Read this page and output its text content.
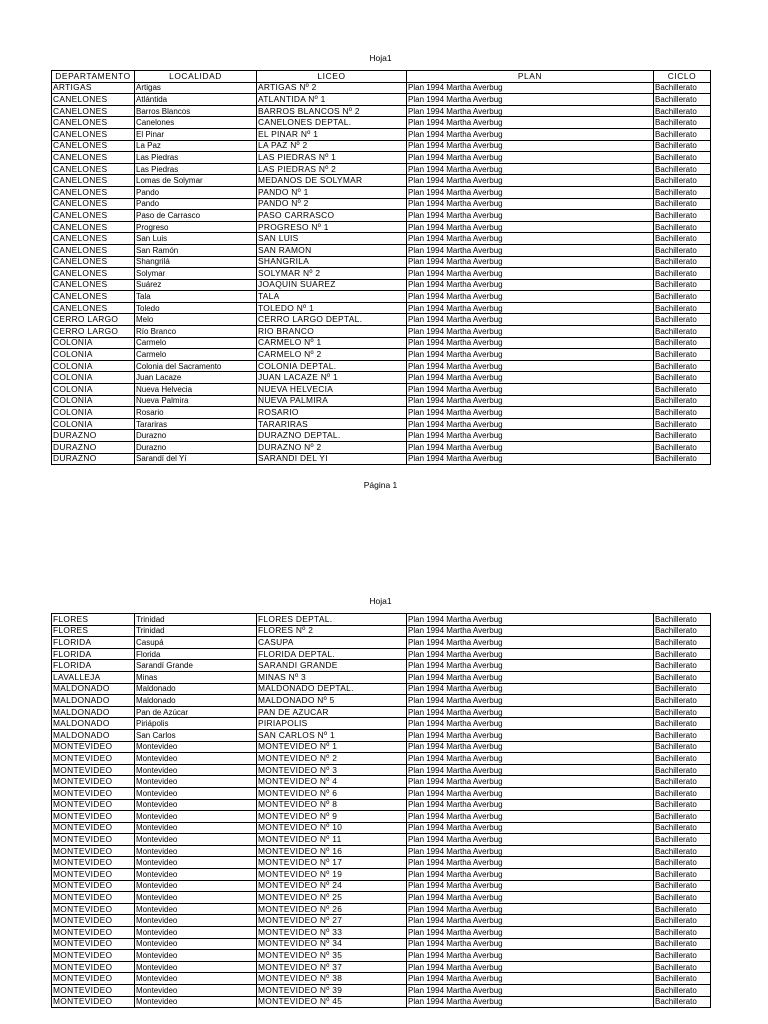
Hoja1
DEPARTAMENTO	LOCALIDAD	LICEO	PLAN	CICLO
ARTIGAS	Artigas	ARTIGAS Nº 2	Plan 1994 Martha Averbug	Bachillerato
CANELONES	Atlántida	ATLANTIDA Nº 1	Plan 1994 Martha Averbug	Bachillerato
CANELONES	Barros Blancos	BARROS BLANCOS Nº 2	Plan 1994 Martha Averbug	Bachillerato
CANELONES	Canelones	CANELONES DEPTAL.	Plan 1994 Martha Averbug	Bachillerato
CANELONES	El Pinar	EL PINAR Nº 1	Plan 1994 Martha Averbug	Bachillerato
CANELONES	La Paz	LA PAZ Nº 2	Plan 1994 Martha Averbug	Bachillerato
CANELONES	Las Piedras	LAS PIEDRAS Nº 1	Plan 1994 Martha Averbug	Bachillerato
CANELONES	Las Piedras	LAS PIEDRAS Nº 2	Plan 1994 Martha Averbug	Bachillerato
CANELONES	Lomas de Solymar	MEDANOS DE SOLYMAR	Plan 1994 Martha Averbug	Bachillerato
CANELONES	Pando	PANDO Nº 1	Plan 1994 Martha Averbug	Bachillerato
CANELONES	Pando	PANDO Nº 2	Plan 1994 Martha Averbug	Bachillerato
CANELONES	Paso de Carrasco	PASO CARRASCO	Plan 1994 Martha Averbug	Bachillerato
CANELONES	Progreso	PROGRESO Nº 1	Plan 1994 Martha Averbug	Bachillerato
CANELONES	San Luis	SAN LUIS	Plan 1994 Martha Averbug	Bachillerato
CANELONES	San Ramón	SAN RAMON	Plan 1994 Martha Averbug	Bachillerato
CANELONES	Shangrilá	SHANGRILA	Plan 1994 Martha Averbug	Bachillerato
CANELONES	Solymar	SOLYMAR Nº 2	Plan 1994 Martha Averbug	Bachillerato
CANELONES	Suárez	JOAQUIN SUAREZ	Plan 1994 Martha Averbug	Bachillerato
CANELONES	Tala	TALA	Plan 1994 Martha Averbug	Bachillerato
CANELONES	Toledo	TOLEDO Nº 1	Plan 1994 Martha Averbug	Bachillerato
CERRO LARGO	Melo	CERRO LARGO DEPTAL.	Plan 1994 Martha Averbug	Bachillerato
CERRO LARGO	Río Branco	RIO BRANCO	Plan 1994 Martha Averbug	Bachillerato
COLONIA	Carmelo	CARMELO Nº 1	Plan 1994 Martha Averbug	Bachillerato
COLONIA	Carmelo	CARMELO Nº 2	Plan 1994 Martha Averbug	Bachillerato
COLONIA	Colonia del Sacramento	COLONIA DEPTAL.	Plan 1994 Martha Averbug	Bachillerato
COLONIA	Juan Lacaze	JUAN LACAZE Nº 1	Plan 1994 Martha Averbug	Bachillerato
COLONIA	Nueva Helvecia	NUEVA HELVECIA	Plan 1994 Martha Averbug	Bachillerato
COLONIA	Nueva Palmira	NUEVA PALMIRA	Plan 1994 Martha Averbug	Bachillerato
COLONIA	Rosario	ROSARIO	Plan 1994 Martha Averbug	Bachillerato
COLONIA	Tarariras	TARARIRAS	Plan 1994 Martha Averbug	Bachillerato
DURAZNO	Durazno	DURAZNO DEPTAL.	Plan 1994 Martha Averbug	Bachillerato
DURAZNO	Durazno	DURAZNO Nº 2	Plan 1994 Martha Averbug	Bachillerato
DURAZNO	Sarandí del Yí	SARANDI DEL YI	Plan 1994 Martha Averbug	Bachillerato
Página 1
Hoja1
FLORES	Trinidad	FLORES DEPTAL.	Plan 1994 Martha Averbug	Bachillerato
FLORES	Trinidad	FLORES Nº 2	Plan 1994 Martha Averbug	Bachillerato
FLORIDA	Casupá	CASUPA	Plan 1994 Martha Averbug	Bachillerato
FLORIDA	Florida	FLORIDA DEPTAL.	Plan 1994 Martha Averbug	Bachillerato
FLORIDA	Sarandí Grande	SARANDI GRANDE	Plan 1994 Martha Averbug	Bachillerato
LAVALLEJA	Minas	MINAS Nº 3	Plan 1994 Martha Averbug	Bachillerato
MALDONADO	Maldonado	MALDONADO DEPTAL.	Plan 1994 Martha Averbug	Bachillerato
MALDONADO	Maldonado	MALDONADO Nº 5	Plan 1994 Martha Averbug	Bachillerato
MALDONADO	Pan de Azúcar	PAN DE AZUCAR	Plan 1994 Martha Averbug	Bachillerato
MALDONADO	Piriápolis	PIRIAPOLIS	Plan 1994 Martha Averbug	Bachillerato
MALDONADO	San Carlos	SAN CARLOS Nº 1	Plan 1994 Martha Averbug	Bachillerato
MONTEVIDEO	Montevideo	MONTEVIDEO Nº 1	Plan 1994 Martha Averbug	Bachillerato
MONTEVIDEO	Montevideo	MONTEVIDEO Nº 2	Plan 1994 Martha Averbug	Bachillerato
MONTEVIDEO	Montevideo	MONTEVIDEO Nº 3	Plan 1994 Martha Averbug	Bachillerato
MONTEVIDEO	Montevideo	MONTEVIDEO Nº 4	Plan 1994 Martha Averbug	Bachillerato
MONTEVIDEO	Montevideo	MONTEVIDEO Nº 6	Plan 1994 Martha Averbug	Bachillerato
MONTEVIDEO	Montevideo	MONTEVIDEO Nº 8	Plan 1994 Martha Averbug	Bachillerato
MONTEVIDEO	Montevideo	MONTEVIDEO Nº 9	Plan 1994 Martha Averbug	Bachillerato
MONTEVIDEO	Montevideo	MONTEVIDEO Nº 10	Plan 1994 Martha Averbug	Bachillerato
MONTEVIDEO	Montevideo	MONTEVIDEO Nº 11	Plan 1994 Martha Averbug	Bachillerato
MONTEVIDEO	Montevideo	MONTEVIDEO Nº 16	Plan 1994 Martha Averbug	Bachillerato
MONTEVIDEO	Montevideo	MONTEVIDEO Nº 17	Plan 1994 Martha Averbug	Bachillerato
MONTEVIDEO	Montevideo	MONTEVIDEO Nº 19	Plan 1994 Martha Averbug	Bachillerato
MONTEVIDEO	Montevideo	MONTEVIDEO Nº 24	Plan 1994 Martha Averbug	Bachillerato
MONTEVIDEO	Montevideo	MONTEVIDEO Nº 25	Plan 1994 Martha Averbug	Bachillerato
MONTEVIDEO	Montevideo	MONTEVIDEO Nº 26	Plan 1994 Martha Averbug	Bachillerato
MONTEVIDEO	Montevideo	MONTEVIDEO Nº 27	Plan 1994 Martha Averbug	Bachillerato
MONTEVIDEO	Montevideo	MONTEVIDEO Nº 33	Plan 1994 Martha Averbug	Bachillerato
MONTEVIDEO	Montevideo	MONTEVIDEO Nº 34	Plan 1994 Martha Averbug	Bachillerato
MONTEVIDEO	Montevideo	MONTEVIDEO Nº 35	Plan 1994 Martha Averbug	Bachillerato
MONTEVIDEO	Montevideo	MONTEVIDEO Nº 37	Plan 1994 Martha Averbug	Bachillerato
MONTEVIDEO	Montevideo	MONTEVIDEO Nº 38	Plan 1994 Martha Averbug	Bachillerato
MONTEVIDEO	Montevideo	MONTEVIDEO Nº 39	Plan 1994 Martha Averbug	Bachillerato
MONTEVIDEO	Montevideo	MONTEVIDEO Nº 45	Plan 1994 Martha Averbug	Bachillerato
